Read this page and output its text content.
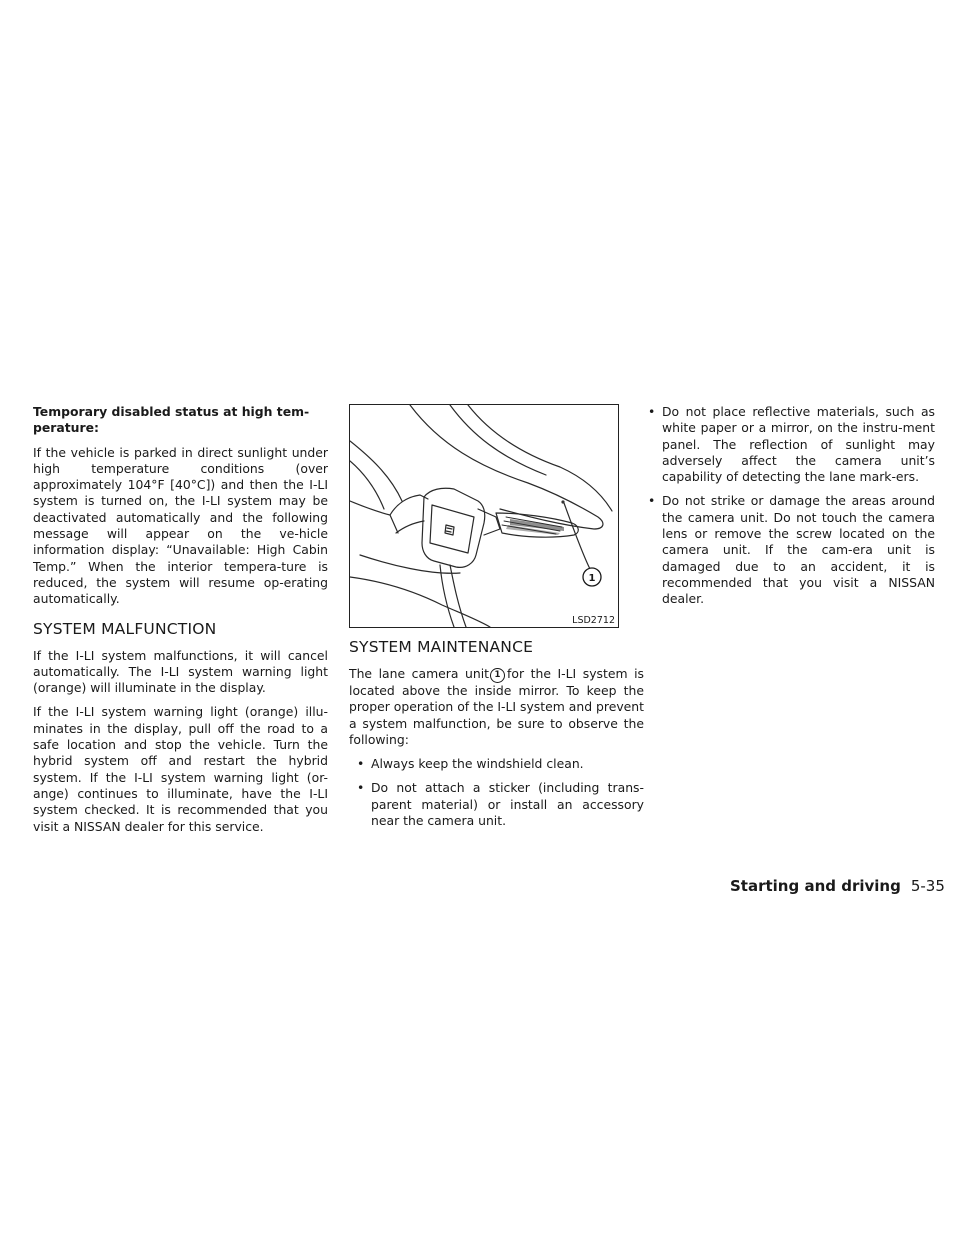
Temporary disabled status at high tem-perature:

If the vehicle is parked in direct sunlight under high temperature conditions (over approximately 104°F [40°C]) and then the I-LI system is turned on, the I-LI system may be deactivated automatically and the following message will appear on the ve-hicle information display: “Unavailable: High Cabin Temp.” When the interior tempera-ture is reduced, the system will resume op-erating automatically.

SYSTEM MALFUNCTION

If the I-LI system malfunctions, it will cancel automatically. The I-LI system warning light (orange) will illuminate in the display.

If the I-LI system warning light (orange) illu-minates in the display, pull off the road to a safe location and stop the vehicle. Turn the hybrid system off and restart the hybrid system. If the I-LI system warning light (or-ange) continues to illuminate, have the I-LI system checked. It is recommended that you visit a NISSAN dealer for this service.

1
LSD2712
SYSTEM MAINTENANCE

The lane camera unit 1 for the I-LI system is located above the inside mirror. To keep the proper operation of the I-LI system and prevent a system malfunction, be sure to observe the following:

• Always keep the windshield clean.
• Do not attach a sticker (including trans-parent material) or install an accessory near the camera unit.
• Do not place reflective materials, such as white paper or a mirror, on the instru-ment panel. The reflection of sunlight may adversely affect the camera unit’s capability of detecting the lane mark-ers.
• Do not strike or damage the areas around the camera unit. Do not touch the camera lens or remove the screw located on the camera unit. If the cam-era unit is damaged due to an accident, it is recommended that you visit a NISSAN dealer.
Starting and driving 5-35
